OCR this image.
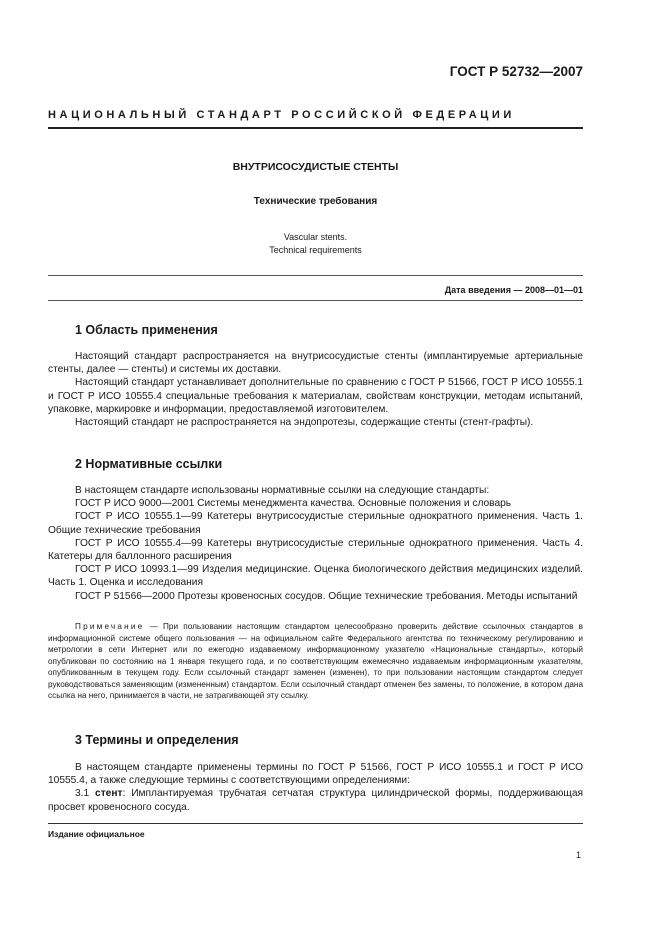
ГОСТ Р 52732—2007
НАЦИОНАЛЬНЫЙ СТАНДАРТ РОССИЙСКОЙ ФЕДЕРАЦИИ
ВНУТРИСОСУДИСТЫЕ СТЕНТЫ
Технические требования
Vascular stents.
Technical requirements
Дата введения — 2008—01—01
1 Область применения

Настоящий стандарт распространяется на внутрисосудистые стенты (имплантируемые артериальные стенты, далее — стенты) и системы их доставки.

Настоящий стандарт устанавливает дополнительные по сравнению с ГОСТ Р 51566, ГОСТ Р ИСО 10555.1 и ГОСТ Р ИСО 10555.4 специальные требования к материалам, свойствам конструкции, методам испытаний, упаковке, маркировке и информации, предоставляемой изготовителем.

Настоящий стандарт не распространяется на эндопротезы, содержащие стенты (стент-графты).

2 Нормативные ссылки

В настоящем стандарте использованы нормативные ссылки на следующие стандарты:

ГОСТ Р ИСО 9000—2001 Системы менеджмента качества. Основные положения и словарь

ГОСТ Р ИСО 10555.1—99 Катетеры внутрисосудистые стерильные однократного применения. Часть 1. Общие технические требования

ГОСТ Р ИСО 10555.4—99 Катетеры внутрисосудистые стерильные однократного применения. Часть 4. Катетеры для баллонного расширения

ГОСТ Р ИСО 10993.1—99 Изделия медицинские. Оценка биологического действия медицинских изделий. Часть 1. Оценка и исследования

ГОСТ Р 51566—2000 Протезы кровеносных сосудов. Общие технические требования. Методы испытаний

Примечание — При пользовании настоящим стандартом целесообразно проверить действие ссылочных стандартов в информационной системе общего пользования — на официальном сайте Федерального агентства по техническому регулированию и метрологии в сети Интернет или по ежегодно издаваемому информационному указателю «Национальные стандарты», который опубликован по состоянию на 1 января текущего года, и по соответствующим ежемесячно издаваемым информационным указателям, опубликованным в текущем году. Если ссылочный стандарт заменен (изменен), то при пользовании настоящим стандартом следует руководствоваться заменяющим (измененным) стандартом. Если ссылочный стандарт отменен без замены, то положение, в котором дана ссылка на него, принимается в части, не затрагивающей эту ссылку.

3 Термины и определения

В настоящем стандарте применены термины по ГОСТ Р 51566, ГОСТ Р ИСО 10555.1 и ГОСТ Р ИСО 10555.4, а также следующие термины с соответствующими определениями:

3.1 стент: Имплантируемая трубчатая сетчатая структура цилиндрической формы, поддерживающая просвет кровеносного сосуда.

Издание официальное
1
